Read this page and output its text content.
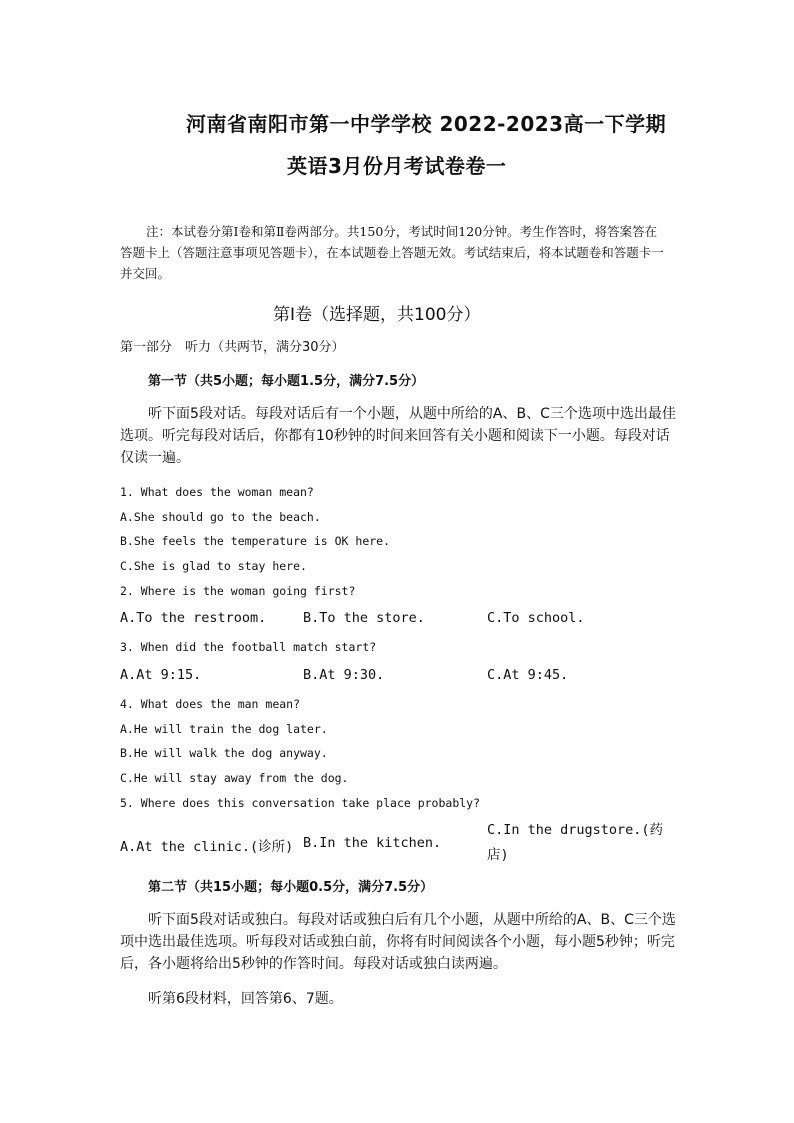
河南省南阳市第一中学学校 2022-2023高一下学期
英语3月份月考试卷卷一
注：本试卷分第Ⅰ卷和第Ⅱ卷两部分。共150分，考试时间120分钟。考生作答时，将答案答在答题卡上（答题注意事项见答题卡），在本试题卷上答题无效。考试结束后，将本试题卷和答题卡一并交回。
第Ⅰ卷（选择题，共100分）
第一部分　听力（共两节，满分30分）
第一节（共5小题；每小题1.5分，满分7.5分）
听下面5段对话。每段对话后有一个小题，从题中所给的A、B、C三个选项中选出最佳选项。听完每段对话后，你都有10秒钟的时间来回答有关小题和阅读下一小题。每段对话仅读一遍。
1. What does the woman mean?
A.She should go to the beach.
B.She feels the temperature is OK here.
C.She is glad to stay here.
2. Where is the woman going first?
A.To the restroom.	B.To the store.	C.To school.
3. When did the football match start?
A.At 9:15.	B.At 9:30.	C.At 9:45.
4. What does the man mean?
A.He will train the dog later.
B.He will walk the dog anyway.
C.He will stay away from the dog.
5. Where does this conversation take place probably?
A.At the clinic.(诊所) B.In the kitchen.
C.In the drugstore.(药店)
第二节（共15小题；每小题0.5分，满分7.5分）
听下面5段对话或独白。每段对话或独白后有几个小题，从题中所给的A、B、C三个选项中选出最佳选项。听每段对话或独白前，你将有时间阅读各个小题，每小题5秒钟；听完后，各小题将给出5秒钟的作答时间。每段对话或独白读两遍。
听第6段材料，回答第6、7题。
